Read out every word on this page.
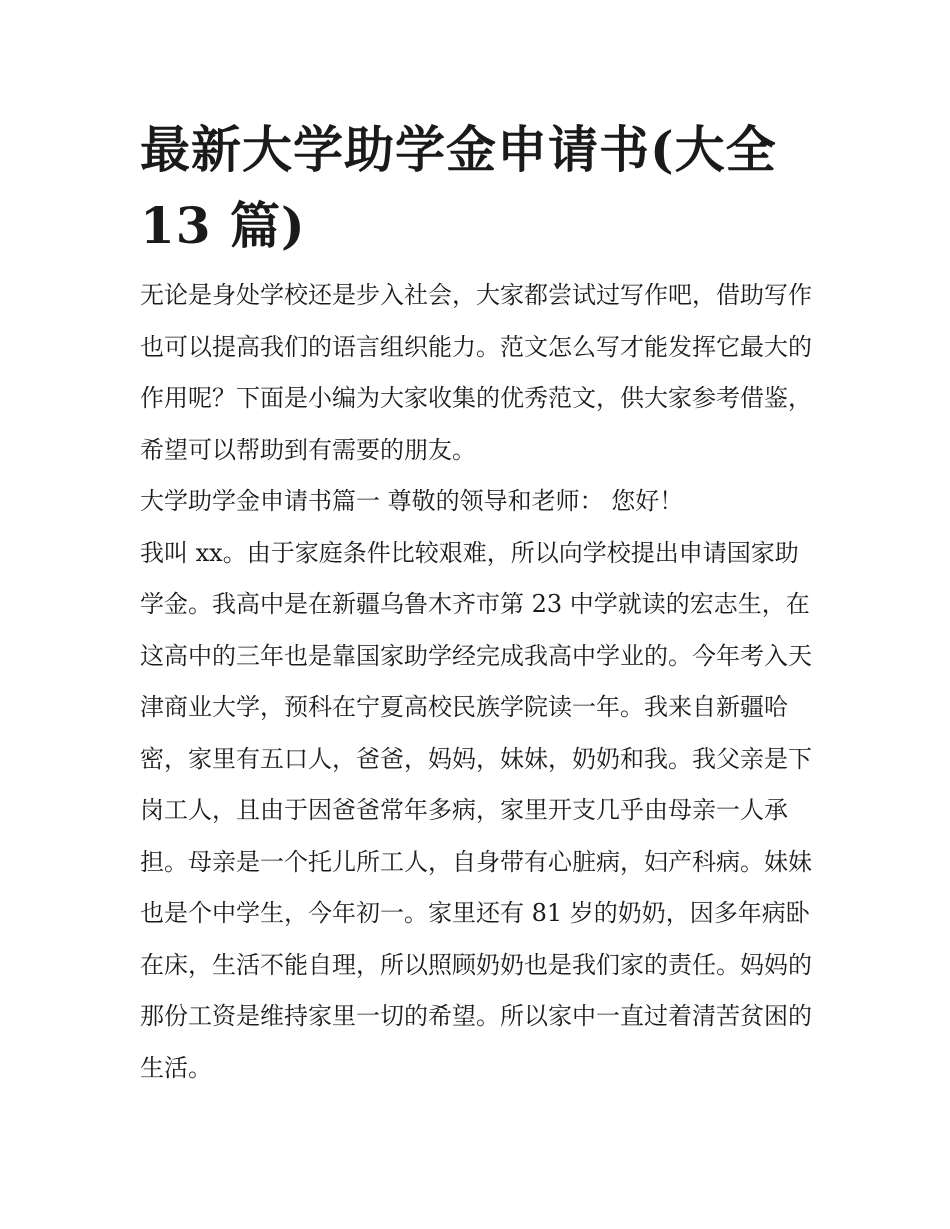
最新大学助学金申请书(大全 13 篇)

无论是身处学校还是步入社会，大家都尝试过写作吧，借助写作也可以提高我们的语言组织能力。范文怎么写才能发挥它最大的作用呢？下面是小编为大家收集的优秀范文，供大家参考借鉴，希望可以帮助到有需要的朋友。

大学助学金申请书篇一 尊敬的领导和老师： 您好！

我叫 xx。由于家庭条件比较艰难，所以向学校提出申请国家助学金。我高中是在新疆乌鲁木齐市第 23 中学就读的宏志生，在这高中的三年也是靠国家助学经完成我高中学业的。今年考入天津商业大学，预科在宁夏高校民族学院读一年。我来自新疆哈密，家里有五口人，爸爸，妈妈，妹妹，奶奶和我。我父亲是下岗工人，且由于因爸爸常年多病，家里开支几乎由母亲一人承担。母亲是一个托儿所工人，自身带有心脏病，妇产科病。妹妹也是个中学生，今年初一。家里还有 81 岁的奶奶，因多年病卧在床，生活不能自理，所以照顾奶奶也是我们家的责任。妈妈的那份工资是维持家里一切的希望。所以家中一直过着清苦贫困的生活。
